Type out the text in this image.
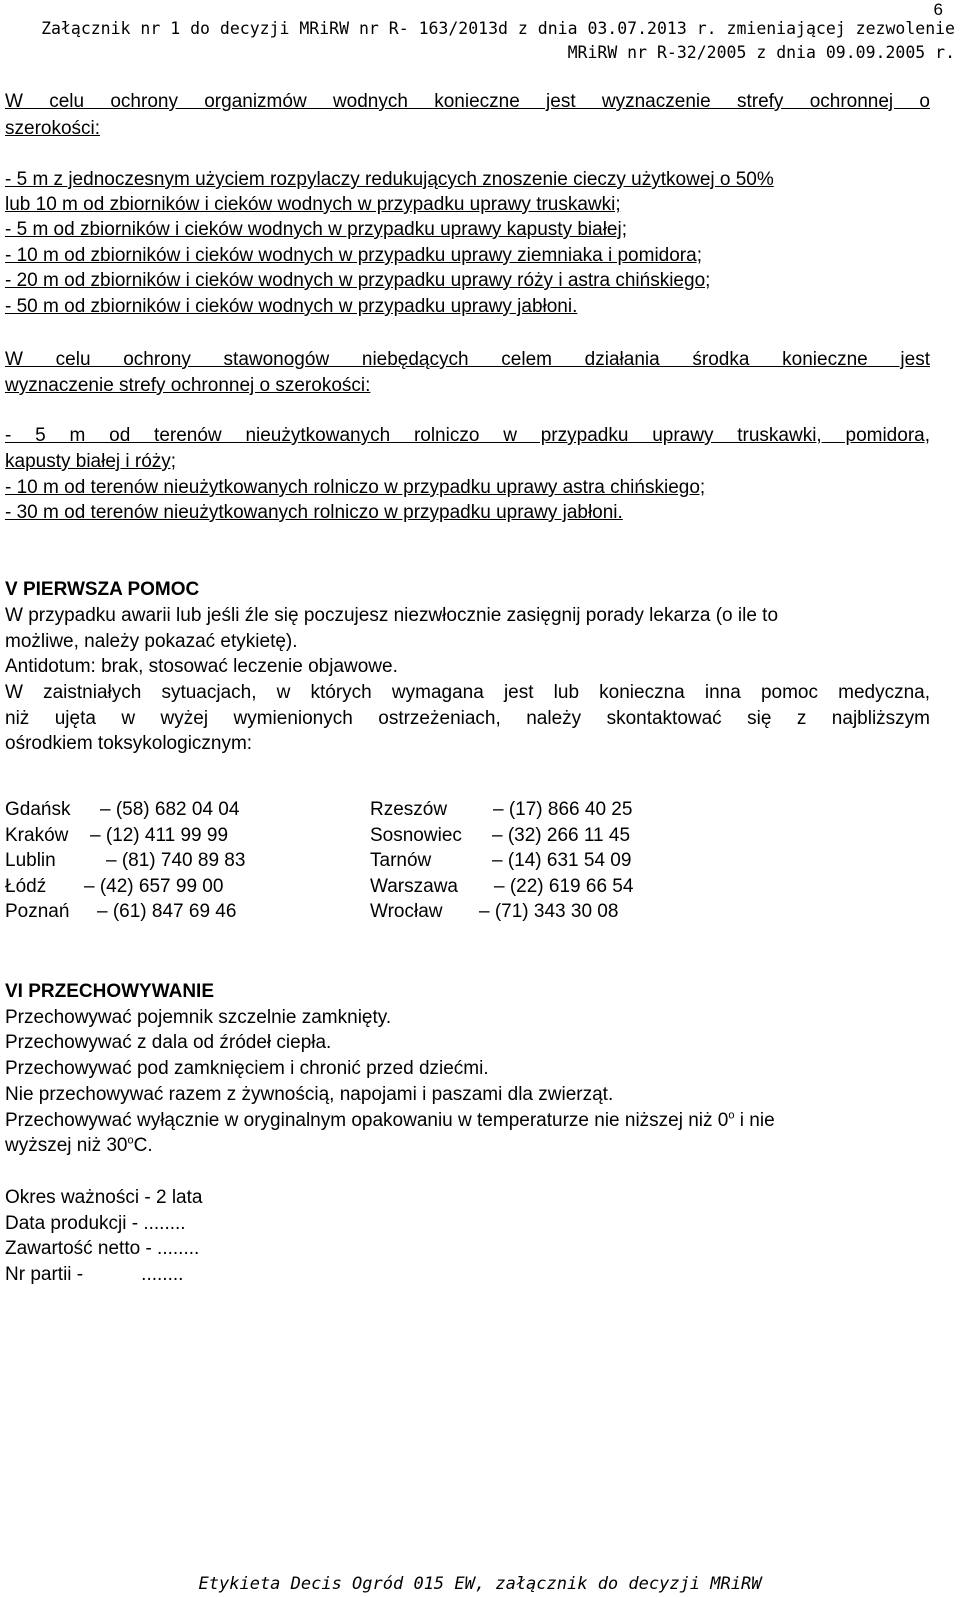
6
Załącznik nr 1 do decyzji MRiRW nr R- 163/2013d z dnia 03.07.2013 r. zmieniającej zezwolenie
MRiRW nr R-32/2005 z dnia 09.09.2005 r.
W celu ochrony organizmów wodnych konieczne jest wyznaczenie strefy ochronnej o
szerokości:
- 5 m z jednoczesnym użyciem rozpylaczy redukujących znoszenie cieczy użytkowej o 50%
lub 10 m od zbiorników i cieków wodnych w przypadku uprawy truskawki;
- 5 m od zbiorników i cieków wodnych w przypadku uprawy kapusty białej;
- 10 m od zbiorników i cieków wodnych w przypadku uprawy ziemniaka i pomidora;
- 20 m od zbiorników i cieków wodnych w przypadku uprawy róży i astra chińskiego;
- 50 m od zbiorników i cieków wodnych w przypadku uprawy jabłoni.
W celu ochrony stawonogów niebędących celem działania środka konieczne jest
wyznaczenie strefy ochronnej o szerokości:
- 5 m od terenów nieużytkowanych rolniczo w przypadku uprawy truskawki, pomidora,
kapusty białej i róży;
- 10 m od terenów nieużytkowanych rolniczo w przypadku uprawy astra chińskiego;
- 30 m od terenów nieużytkowanych rolniczo w przypadku uprawy jabłoni.
V PIERWSZA POMOC
W przypadku awarii lub jeśli źle się poczujesz niezwłocznie zasięgnij porady lekarza (o ile to
możliwe, należy pokazać etykietę).
Antidotum: brak, stosować leczenie objawowe.
W zaistniałych sytuacjach, w których wymagana jest lub konieczna inna pomoc medyczna,
niż ujęta w wyżej wymienionych ostrzeżeniach, należy skontaktować się z najbliższym
ośrodkiem toksykologicznym:
Gdańsk – (58) 682 04 04
Kraków – (12) 411 99 99
Lublin	– (81) 740 89 83
Łódź – (42) 657 99 00
Poznań – (61) 847 69 46
Rzeszów – (17) 866 40 25
Sosnowiec – (32) 266 11 45
Tarnów	– (14) 631 54 09
Warszawa – (22) 619 66 54
Wrocław – (71) 343 30 08
VI PRZECHOWYWANIE
Przechowywać pojemnik szczelnie zamknięty.
Przechowywać z dala od źródeł ciepła.
Przechowywać pod zamknięciem i chronić przed dziećmi.
Nie przechowywać razem z żywnością, napojami i paszami dla zwierząt.
Przechowywać wyłącznie w oryginalnym opakowaniu w temperaturze nie niższej niż 0$^o$ i nie
wyższej niż 30$^o$C.
Okres ważności - 2 lata
Data produkcji - ........
Zawartość netto - ........
Nr partii -           ........
Etykieta Decis Ogród 015 EW, załącznik do decyzji MRiRW
